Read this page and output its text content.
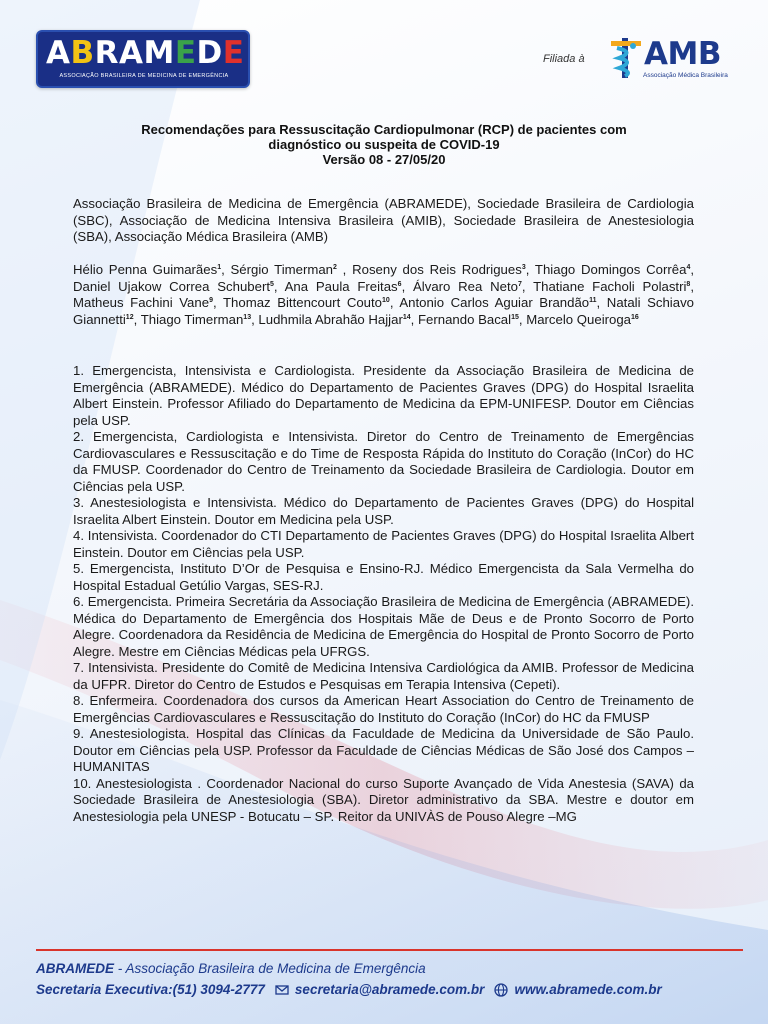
ABRAMEDE
ASSOCIAÇÃO BRASILEIRA DE MEDICINA DE EMERGÊNCIA
Filiada à AMB
Associação Médica Brasileira
Recomendações para Ressuscitação Cardiopulmonar (RCP) de pacientes com
diagnóstico ou suspeita de COVID-19
Versão 08 - 27/05/20

Associação Brasileira de Medicina de Emergência (ABRAMEDE), Sociedade Brasileira de Cardiologia (SBC), Associação de Medicina Intensiva Brasileira (AMIB), Sociedade Brasileira de Anestesiologia (SBA), Associação Médica Brasileira (AMB)

Hélio Penna Guimarães$^1$, Sérgio Timerman$^2$ , Roseny dos Reis Rodrigues$^3$, Thiago Domingos Corrêa$^4$, Daniel Ujakow Correa Schubert$^5$, Ana Paula Freitas$^6$, Álvaro Rea Neto$^7$, Thatiane Facholi Polastri$^8$, Matheus Fachini Vane$^9$, Thomaz Bittencourt Couto$^{10}$, Antonio Carlos Aguiar Brandão$^{11}$, Natali Schiavo Giannetti$^{12}$, Thiago Timerman$^{13}$, Ludhmila Abrahão Hajjar$^{14}$, Fernando Bacal$^{15}$, Marcelo Queiroga$^{16}$

1. Emergencista, Intensivista e Cardiologista. Presidente da Associação Brasileira de Medicina de Emergência (ABRAMEDE). Médico do Departamento de Pacientes Graves (DPG) do Hospital Israelita Albert Einstein. Professor Afiliado do Departamento de Medicina da EPM-UNIFESP. Doutor em Ciências pela USP.
2. Emergencista, Cardiologista e Intensivista. Diretor do Centro de Treinamento de Emergências Cardiovasculares e Ressuscitação e do Time de Resposta Rápida do Instituto do Coração (InCor) do HC da FMUSP. Coordenador do Centro de Treinamento da Sociedade Brasileira de Cardiologia. Doutor em Ciências pela USP.
3. Anestesiologista e Intensivista. Médico do Departamento de Pacientes Graves (DPG) do Hospital Israelita Albert Einstein. Doutor em Medicina pela USP.
4. Intensivista. Coordenador do CTI Departamento de Pacientes Graves (DPG) do Hospital Israelita Albert Einstein. Doutor em Ciências pela USP.
5. Emergencista, Instituto D’Or de Pesquisa e Ensino-RJ. Médico Emergencista da Sala Vermelha do Hospital Estadual Getúlio Vargas, SES-RJ.
6. Emergencista. Primeira Secretária da Associação Brasileira de Medicina de Emergência (ABRAMEDE). Médica do Departamento de Emergência dos Hospitais Mãe de Deus e de Pronto Socorro de Porto Alegre. Coordenadora da Residência de Medicina de Emergência do Hospital de Pronto Socorro de Porto Alegre. Mestre em Ciências Médicas pela UFRGS.
7. Intensivista. Presidente do Comitê de Medicina Intensiva Cardiológica da AMIB. Professor de Medicina da UFPR. Diretor do Centro de Estudos e Pesquisas em Terapia Intensiva (Cepeti).
8. Enfermeira. Coordenadora dos cursos da American Heart Association do Centro de Treinamento de Emergências Cardiovasculares e Ressuscitação do Instituto do Coração (InCor) do HC da FMUSP
9. Anestesiologista. Hospital das Clínicas da Faculdade de Medicina da Universidade de São Paulo. Doutor em Ciências pela USP. Professor da Faculdade de Ciências Médicas de São José dos Campos – HUMANITAS
10. Anestesiologista . Coordenador Nacional do curso Suporte Avançado de Vida Anestesia (SAVA) da Sociedade Brasileira de Anestesiologia (SBA). Diretor administrativo da SBA. Mestre e doutor em Anestesiologia pela UNESP - Botucatu – SP. Reitor da UNIVÀS de Pouso Alegre –MG
ABRAMEDE - Associação Brasileira de Medicina de Emergência
Secretaria Executiva: (51) 3094-2777 secretaria@abramede.com.br www.abramede.com.br
